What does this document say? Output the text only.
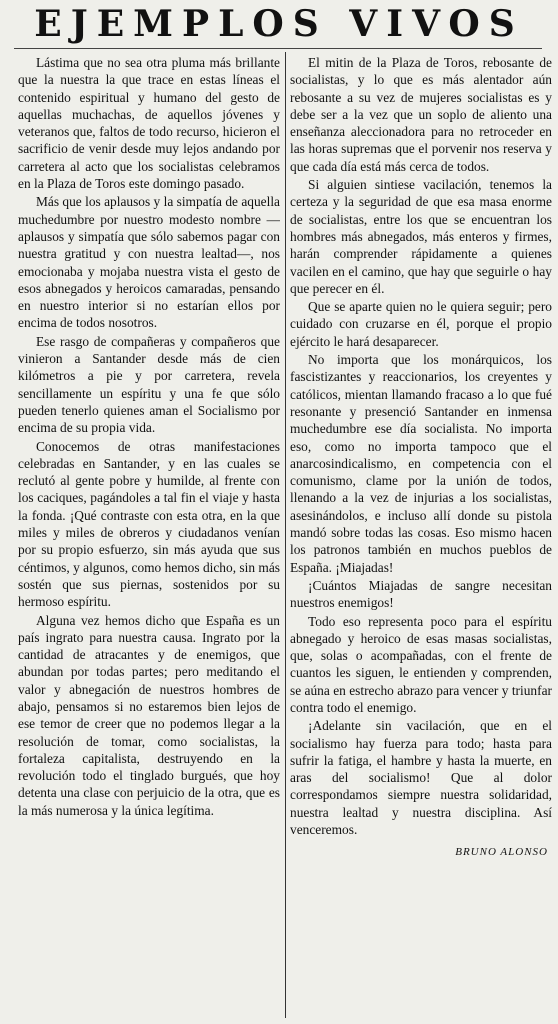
EJEMPLOS VIVOS

Lástima que no sea otra pluma más brillante que la nuestra la que trace en estas líneas el contenido espiritual y humano del gesto de aquellas muchachas, de aquellos jóvenes y veteranos que, faltos de todo recurso, hicieron el sacrificio de venir desde muy lejos andando por carretera al acto que los socialistas celebramos en la Plaza de Toros este domingo pasado.

Más que los aplausos y la simpatía de aquella muchedumbre por nuestro modesto nombre —aplausos y simpatía que sólo sabemos pagar con nuestra gratitud y con nuestra lealtad—, nos emocionaba y mojaba nuestra vista el gesto de esos abnegados y heroicos camaradas, pensando en nuestro interior si no estarían ellos por encima de todos nosotros.

Ese rasgo de compañeras y compañeros que vinieron a Santander desde más de cien kilómetros a pie y por carretera, revela sencillamente un espíritu y una fe que sólo pueden tenerlo quienes aman el Socialismo por encima de su propia vida.

Conocemos de otras manifestaciones celebradas en Santander, y en las cuales se reclutó al gente pobre y humilde, al frente con los caciques, pagándoles a tal fin el viaje y hasta la fonda. ¡Qué contraste con esta otra, en la que miles y miles de obreros y ciudadanos venían por su propio esfuerzo, sin más ayuda que sus céntimos, y algunos, como hemos dicho, sin más sostén que sus piernas, sostenidos por su hermoso espíritu.

Alguna vez hemos dicho que España es un país ingrato para nuestra causa. Ingrato por la cantidad de atracantes y de enemigos, que abundan por todas partes; pero meditando el valor y abnegación de nuestros hombres de abajo, pensamos si no estaremos bien lejos de ese temor de creer que no podemos llegar a la resolución de tomar, como socialistas, la fortaleza capitalista, destruyendo en la revolución todo el tinglado burgués, que hoy detenta una clase con perjuicio de la otra, que es la más numerosa y la única legítima.

El mitin de la Plaza de Toros, rebosante de socialistas, y lo que es más alentador aún rebosante a su vez de mujeres socialistas es y debe ser a la vez que un soplo de aliento una enseñanza aleccionadora para no retroceder en las horas supremas que el porvenir nos reserva y que cada día está más cerca de todos.

Si alguien sintiese vacilación, tenemos la certeza y la seguridad de que esa masa enorme de socialistas, entre los que se encuentran los hombres más abnegados, más enteros y firmes, harán comprender rápidamente a quienes vacilen en el camino, que hay que seguirle o hay que perecer en él.

Que se aparte quien no le quiera seguir; pero cuidado con cruzarse en él, porque el propio ejército le hará desaparecer.

No importa que los monárquicos, los fascistizantes y reaccionarios, los creyentes y católicos, mientan llamando fracaso a lo que fué resonante y presenció Santander en inmensa muchedumbre ese día socialista. No importa eso, como no importa tampoco que el anarcosindicalismo, en competencia con el comunismo, clame por la unión de todos, llenando a la vez de injurias a los socialistas, asesinándolos, e incluso allí donde su pistola mandó sobre todas las cosas. Eso mismo hacen los patronos también en muchos pueblos de España. ¡Miajadas!

¡Cuántos Miajadas de sangre necesitan nuestros enemigos!

Todo eso representa poco para el espíritu abnegado y heroico de esas masas socialistas, que, solas o acompañadas, con el frente de cuantos les siguen, le entienden y comprenden, se aúna en estrecho abrazo para vencer y triunfar contra todo el enemigo.

¡Adelante sin vacilación, que en el socialismo hay fuerza para todo; hasta para sufrir la fatiga, el hambre y hasta la muerte, en aras del socialismo! Que al dolor correspondamos siempre nuestra solidaridad, nuestra lealtad y nuestra disciplina. Así venceremos.

BRUNO ALONSO
